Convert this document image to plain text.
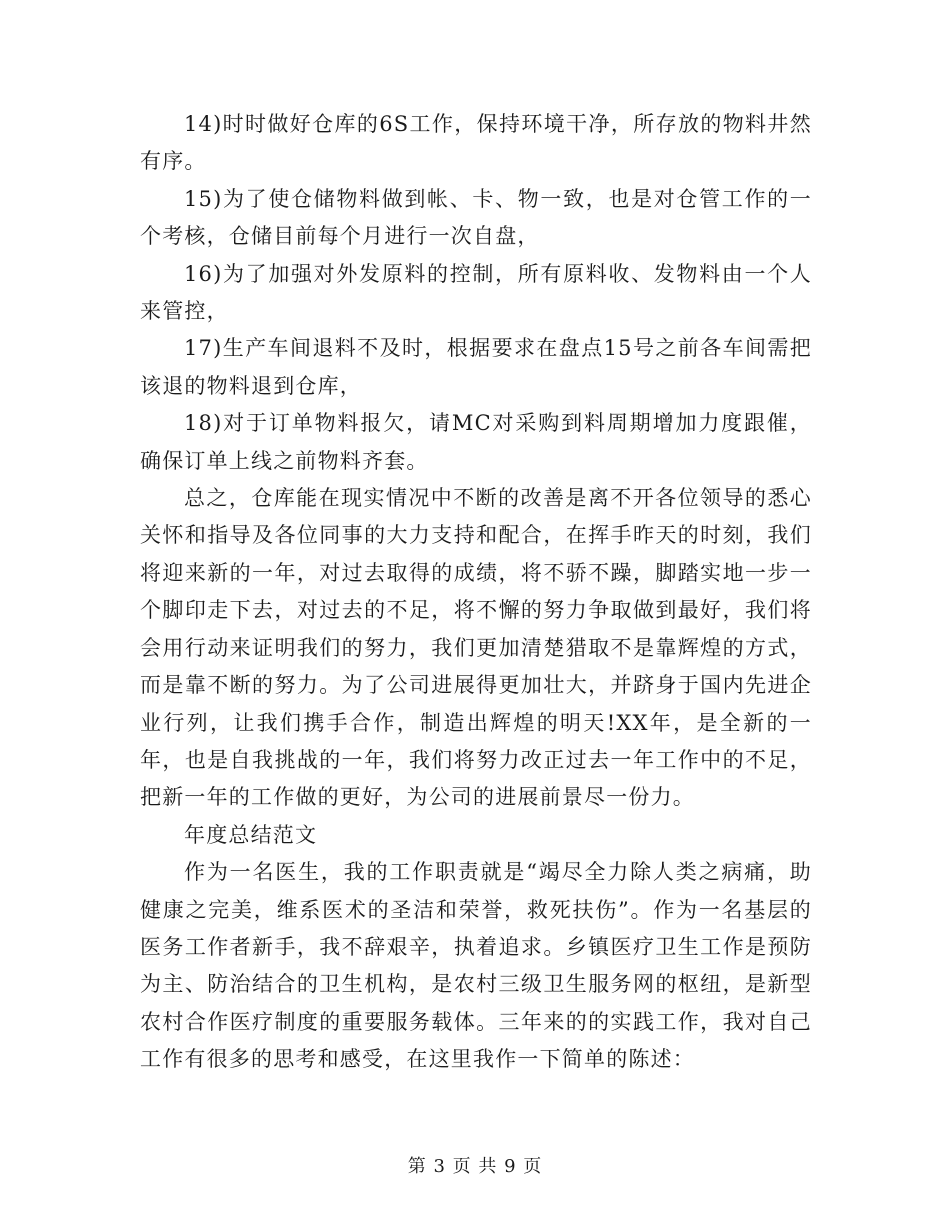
14)时时做好仓库的6S工作，保持环境干净，所存放的物料井然有序。

15)为了使仓储物料做到帐、卡、物一致，也是对仓管工作的一个考核，仓储目前每个月进行一次自盘，

16)为了加强对外发原料的控制，所有原料收、发物料由一个人来管控，

17)生产车间退料不及时，根据要求在盘点15号之前各车间需把该退的物料退到仓库，

18)对于订单物料报欠，请MC对采购到料周期增加力度跟催，确保订单上线之前物料齐套。

总之，仓库能在现实情况中不断的改善是离不开各位领导的悉心关怀和指导及各位同事的大力支持和配合，在挥手昨天的时刻，我们将迎来新的一年，对过去取得的成绩，将不骄不躁，脚踏实地一步一个脚印走下去，对过去的不足，将不懈的努力争取做到最好，我们将会用行动来证明我们的努力，我们更加清楚猎取不是靠辉煌的方式，而是靠不断的努力。为了公司进展得更加壮大，并跻身于国内先进企业行列，让我们携手合作，制造出辉煌的明天!XX年，是全新的一年，也是自我挑战的一年，我们将努力改正过去一年工作中的不足，把新一年的工作做的更好，为公司的进展前景尽一份力。

年度总结范文

作为一名医生，我的工作职责就是“竭尽全力除人类之病痛，助健康之完美，维系医术的圣洁和荣誉，救死扶伤”。作为一名基层的医务工作者新手，我不辞艰辛，执着追求。乡镇医疗卫生工作是预防为主、防治结合的卫生机构，是农村三级卫生服务网的枢纽，是新型农村合作医疗制度的重要服务载体。三年来的的实践工作，我对自己工作有很多的思考和感受，在这里我作一下简单的陈述：

第 3 页 共 9 页
